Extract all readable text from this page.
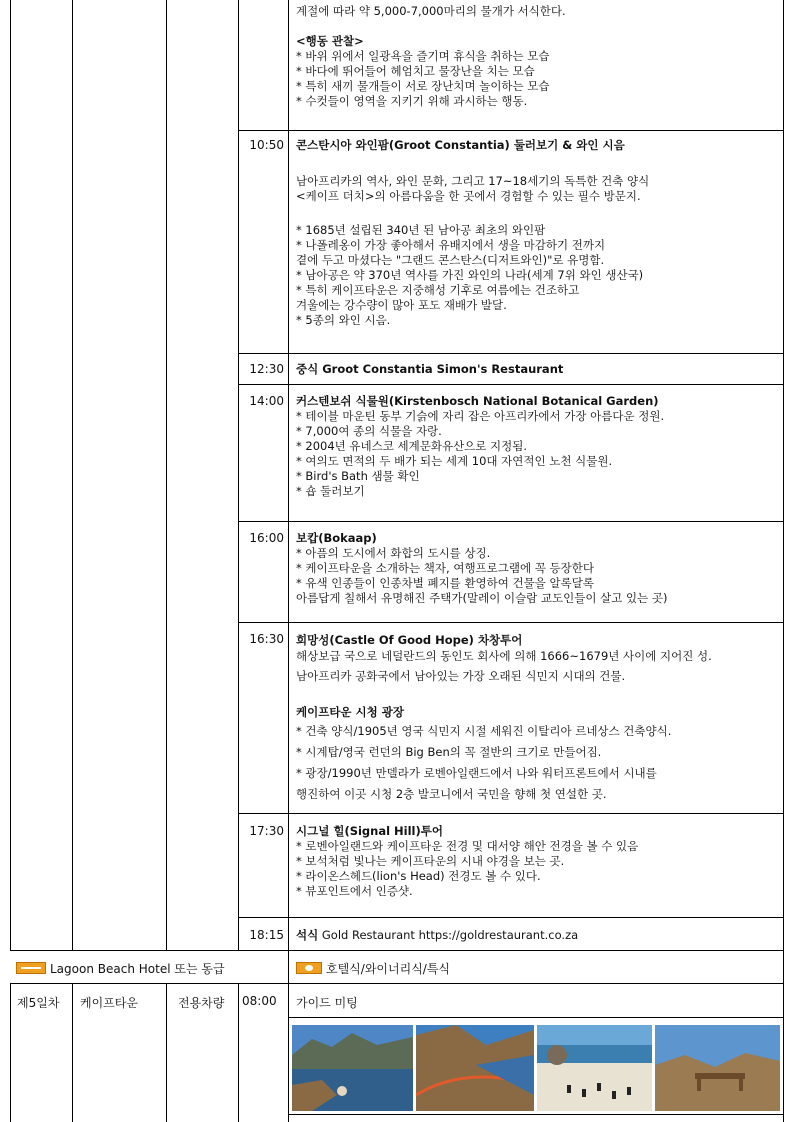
계절에 따라 약 5,000-7,000마리의 물개가 서식한다.
<행동 관찰>
* 바위 위에서 일광욕을 즐기며 휴식을 취하는 모습
* 바다에 뛰어들어 헤엄치고 물장난을 치는 모습
* 특히 새끼 물개들이 서로 장난치며 놀이하는 모습
* 수컷들이 영역을 지키기 위해 과시하는 행동.
10:50 콘스탄시아 와인팜(Groot Constantia) 둘러보기 & 와인 시음
남아프리카의 역사, 와인 문화, 그리고 17~18세기의 독특한 건축 양식
<케이프 더치>의 아름다움을 한 곳에서 경험할 수 있는 필수 방문지.
* 1685년 설립된 340년 된 남아공 최초의 와인팜
* 나폴레옹이 가장 좋아해서 유배지에서 생을 마감하기 전까지
곁에 두고 마셨다는 "그랜드 콘스탄스(디저트와인)"로 유명함.
* 남아공은 약 370년 역사를 가진 와인의 나라(세계 7위 와인 생산국)
* 특히 케이프타운은 지중해성 기후로 여름에는 건조하고
겨울에는 강수량이 많아 포도 재배가 발달.
* 5종의 와인 시음.
12:30 중식 Groot Constantia Simon's Restaurant
14:00 커스텐보쉬 식물원(Kirstenbosch National Botanical Garden)
* 테이블 마운틴 동부 기슭에 자리 잡은 아프리카에서 가장 아름다운 정원.
* 7,000여 종의 식물을 자랑.
* 2004년 유네스코 세계문화유산으로 지정됨.
* 여의도 면적의 두 배가 되는 세계 10대 자연적인 노천 식물원.
* Bird's Bath 샘물 확인
* 숍 둘러보기
16:00 보캅(Bokaap)
* 아픔의 도시에서 화합의 도시를 상징.
* 케이프타운을 소개하는 책자, 여행프로그램에 꼭 등장한다
* 유색 인종들이 인종차별 폐지를 환영하여 건물을 알록달록
아름답게 칠해서 유명해진 주택가(말레이 이슬람 교도인들이 살고 있는 곳)
16:30 희망성(Castle Of Good Hope) 차창투어
해상보급 국으로 네덜란드의 동인도 회사에 의해 1666~1679년 사이에 지어진 성.
남아프리카 공화국에서 남아있는 가장 오래된 식민지 시대의 건물.
케이프타운 시청 광장
* 건축 양식/1905년 영국 식민지 시절 세워진 이탈리아 르네상스 건축양식.
* 시계탑/영국 런던의 Big Ben의 꼭 절반의 크기로 만들어짐.
* 광장/1990년 만델라가 로벤아일랜드에서 나와 워터프론트에서 시내를
행진하여 이곳 시청 2층 발코니에서 국민을 향해 첫 연설한 곳.
17:30 시그널 힐(Signal Hill)투어
* 로벤아일랜드와 케이프타운 전경 및 대서양 해안 전경을 볼 수 있음
* 보석처럼 빛나는 케이프타운의 시내 야경을 보는 곳.
* 라이온스헤드(lion's Head) 전경도 볼 수 있다.
* 뷰포인트에서 인증샷.
18:15 석식 Gold Restaurant https://goldrestaurant.co.za
Lagoon Beach Hotel 또는 동급	호텔식/와이너리식/특식
제5일차 케이프타운	전용차량 08:00 가이드 미팅
